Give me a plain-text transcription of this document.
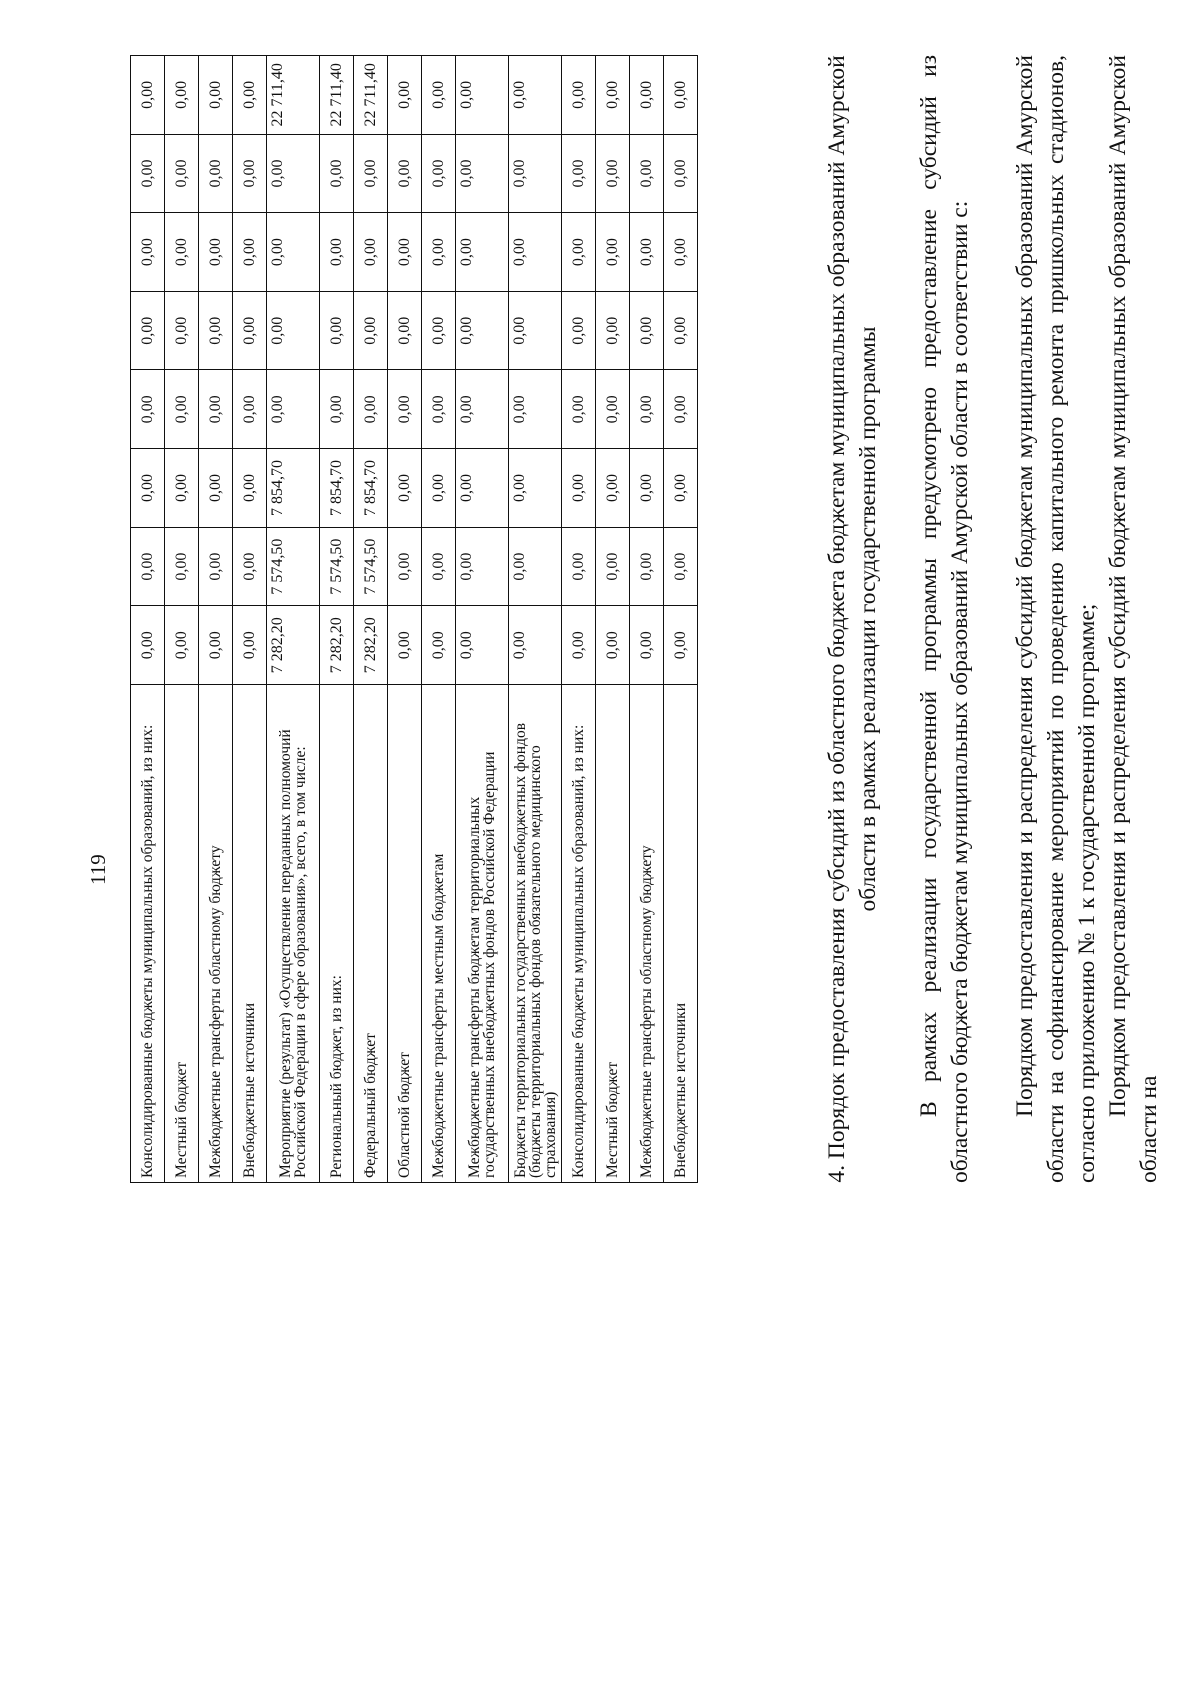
119 Консолидированные бюджеты муниципальных образований, из них:	0,00	0,00	0,00	0,00	0,00	0,00	0,00	0,00
Местный бюджет	0,00	0,00	0,00	0,00	0,00	0,00	0,00	0,00
Межбюджетные трансферты областному бюджету	0,00	0,00	0,00	0,00	0,00	0,00	0,00	0,00
Внебюджетные источники	0,00	0,00	0,00	0,00	0,00	0,00	0,00	0,00
Мероприятие (результат) «Осуществление переданных полномочий Российской Федерации в сфере образования», всего, в том числе:	7 282,20	7 574,50	7 854,70	0,00	0,00	0,00	0,00	22 711,40
Региональный бюджет, из них:	7 282,20	7 574,50	7 854,70	0,00	0,00	0,00	0,00	22 711,40
Федеральный бюджет	7 282,20	7 574,50	7 854,70	0,00	0,00	0,00	0,00	22 711,40
Областной бюджет	0,00	0,00	0,00	0,00	0,00	0,00	0,00	0,00
Межбюджетные трансферты местным бюджетам	0,00	0,00	0,00	0,00	0,00	0,00	0,00	0,00
Межбюджетные трансферты бюджетам территориальных государственных внебюджетных фондов Российской Федерации	0,00	0,00	0,00	0,00	0,00	0,00	0,00	0,00
Бюджеты территориальных государственных внебюджетных фондов (бюджеты территориальных фондов обязательного медицинского страхования)	0,00	0,00	0,00	0,00	0,00	0,00	0,00	0,00
Консолидированные бюджеты муниципальных образований, из них:	0,00	0,00	0,00	0,00	0,00	0,00	0,00	0,00
Местный бюджет	0,00	0,00	0,00	0,00	0,00	0,00	0,00	0,00
Межбюджетные трансферты областному бюджету	0,00	0,00	0,00	0,00	0,00	0,00	0,00	0,00
Внебюджетные источники	0,00	0,00	0,00	0,00	0,00	0,00	0,00	0,00	4. Порядок предоставления субсидий из областного бюджета бюджетам муниципальных образований Амурской области в рамках реализации государственной программы В рамках реализации государственной программы предусмотрено предоставление субсидий из областного бюджета бюджетам муниципальных образований Амурской области в соответствии с: Порядком предоставления и распределения субсидий бюджетам муниципальных образований Амурской области на софинансирование мероприятий по проведению капитального ремонта пришкольных стадионов, согласно приложению № 1 к государственной программе; Порядком предоставления и распределения субсидий бюджетам муниципальных образований Амурской области на
